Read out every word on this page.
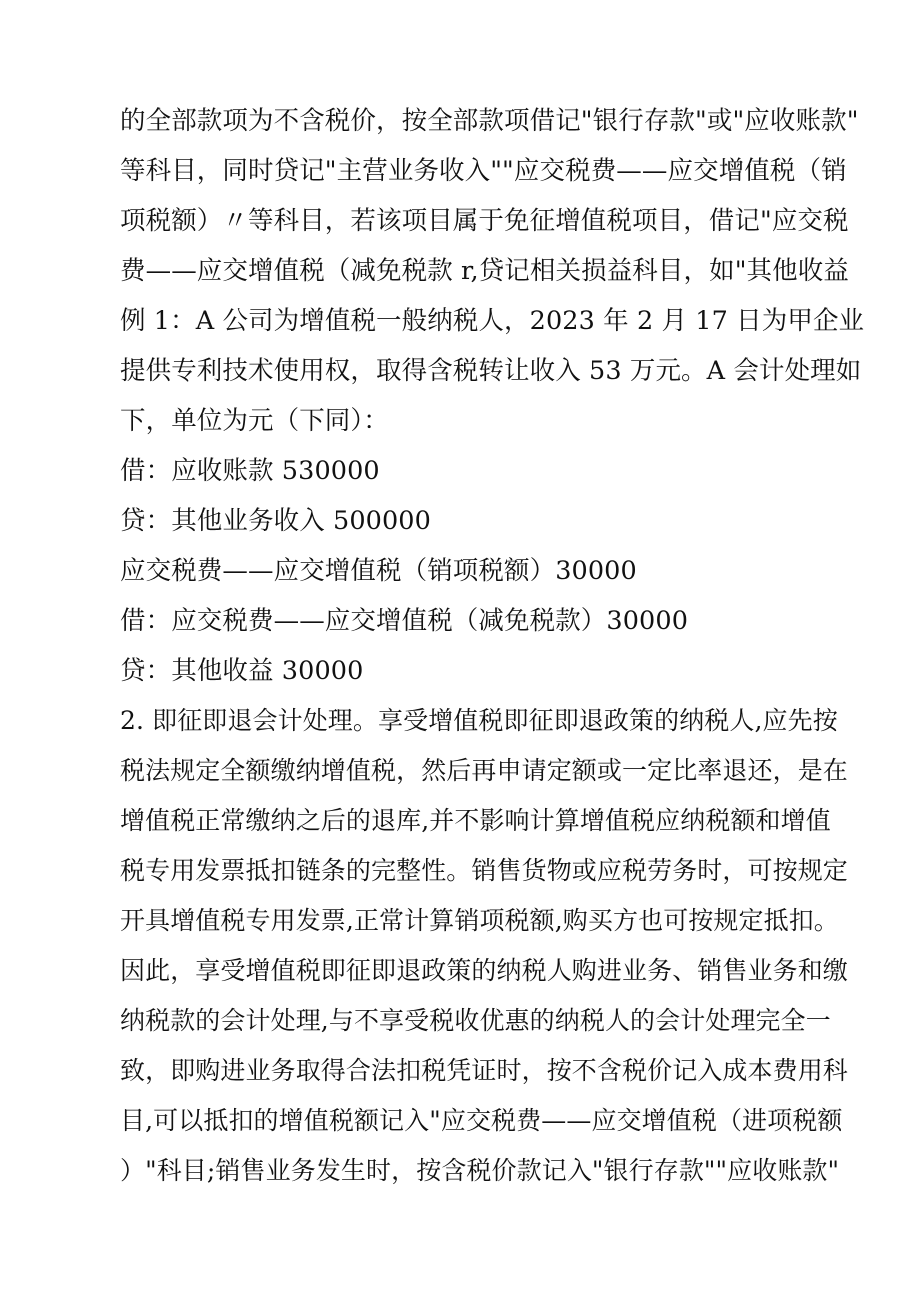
的全部款项为不含税价，按全部款项借记"银行存款"或"应收账款"
等科目，同时贷记"主营业务收入""应交税费——应交增值税（销
项税额）〃等科目，若该项目属于免征增值税项目，借记"应交税
费——应交增值税（减免税款 r,贷记相关损益科目，如"其他收益
例 1：A 公司为增值税一般纳税人，2023 年 2 月 17 日为甲企业
提供专利技术使用权，取得含税转让收入 53 万元。A 会计处理如
下，单位为元（下同）：
借：应收账款 530000
贷：其他业务收入 500000
应交税费——应交增值税（销项税额）30000
借：应交税费——应交增值税（减免税款）30000
贷：其他收益 30000
2. 即征即退会计处理。享受增值税即征即退政策的纳税人,应先按
税法规定全额缴纳增值税，然后再申请定额或一定比率退还，是在
增值税正常缴纳之后的退库,并不影响计算增值税应纳税额和增值
税专用发票抵扣链条的完整性。销售货物或应税劳务时，可按规定
开具增值税专用发票,正常计算销项税额,购买方也可按规定抵扣。
因此，享受增值税即征即退政策的纳税人购进业务、销售业务和缴
纳税款的会计处理,与不享受税收优惠的纳税人的会计处理完全一
致，即购进业务取得合法扣税凭证时，按不含税价记入成本费用科
目,可以抵扣的增值税额记入"应交税费——应交增值税（进项税额
）"科目;销售业务发生时，按含税价款记入"银行存款""应收账款"
